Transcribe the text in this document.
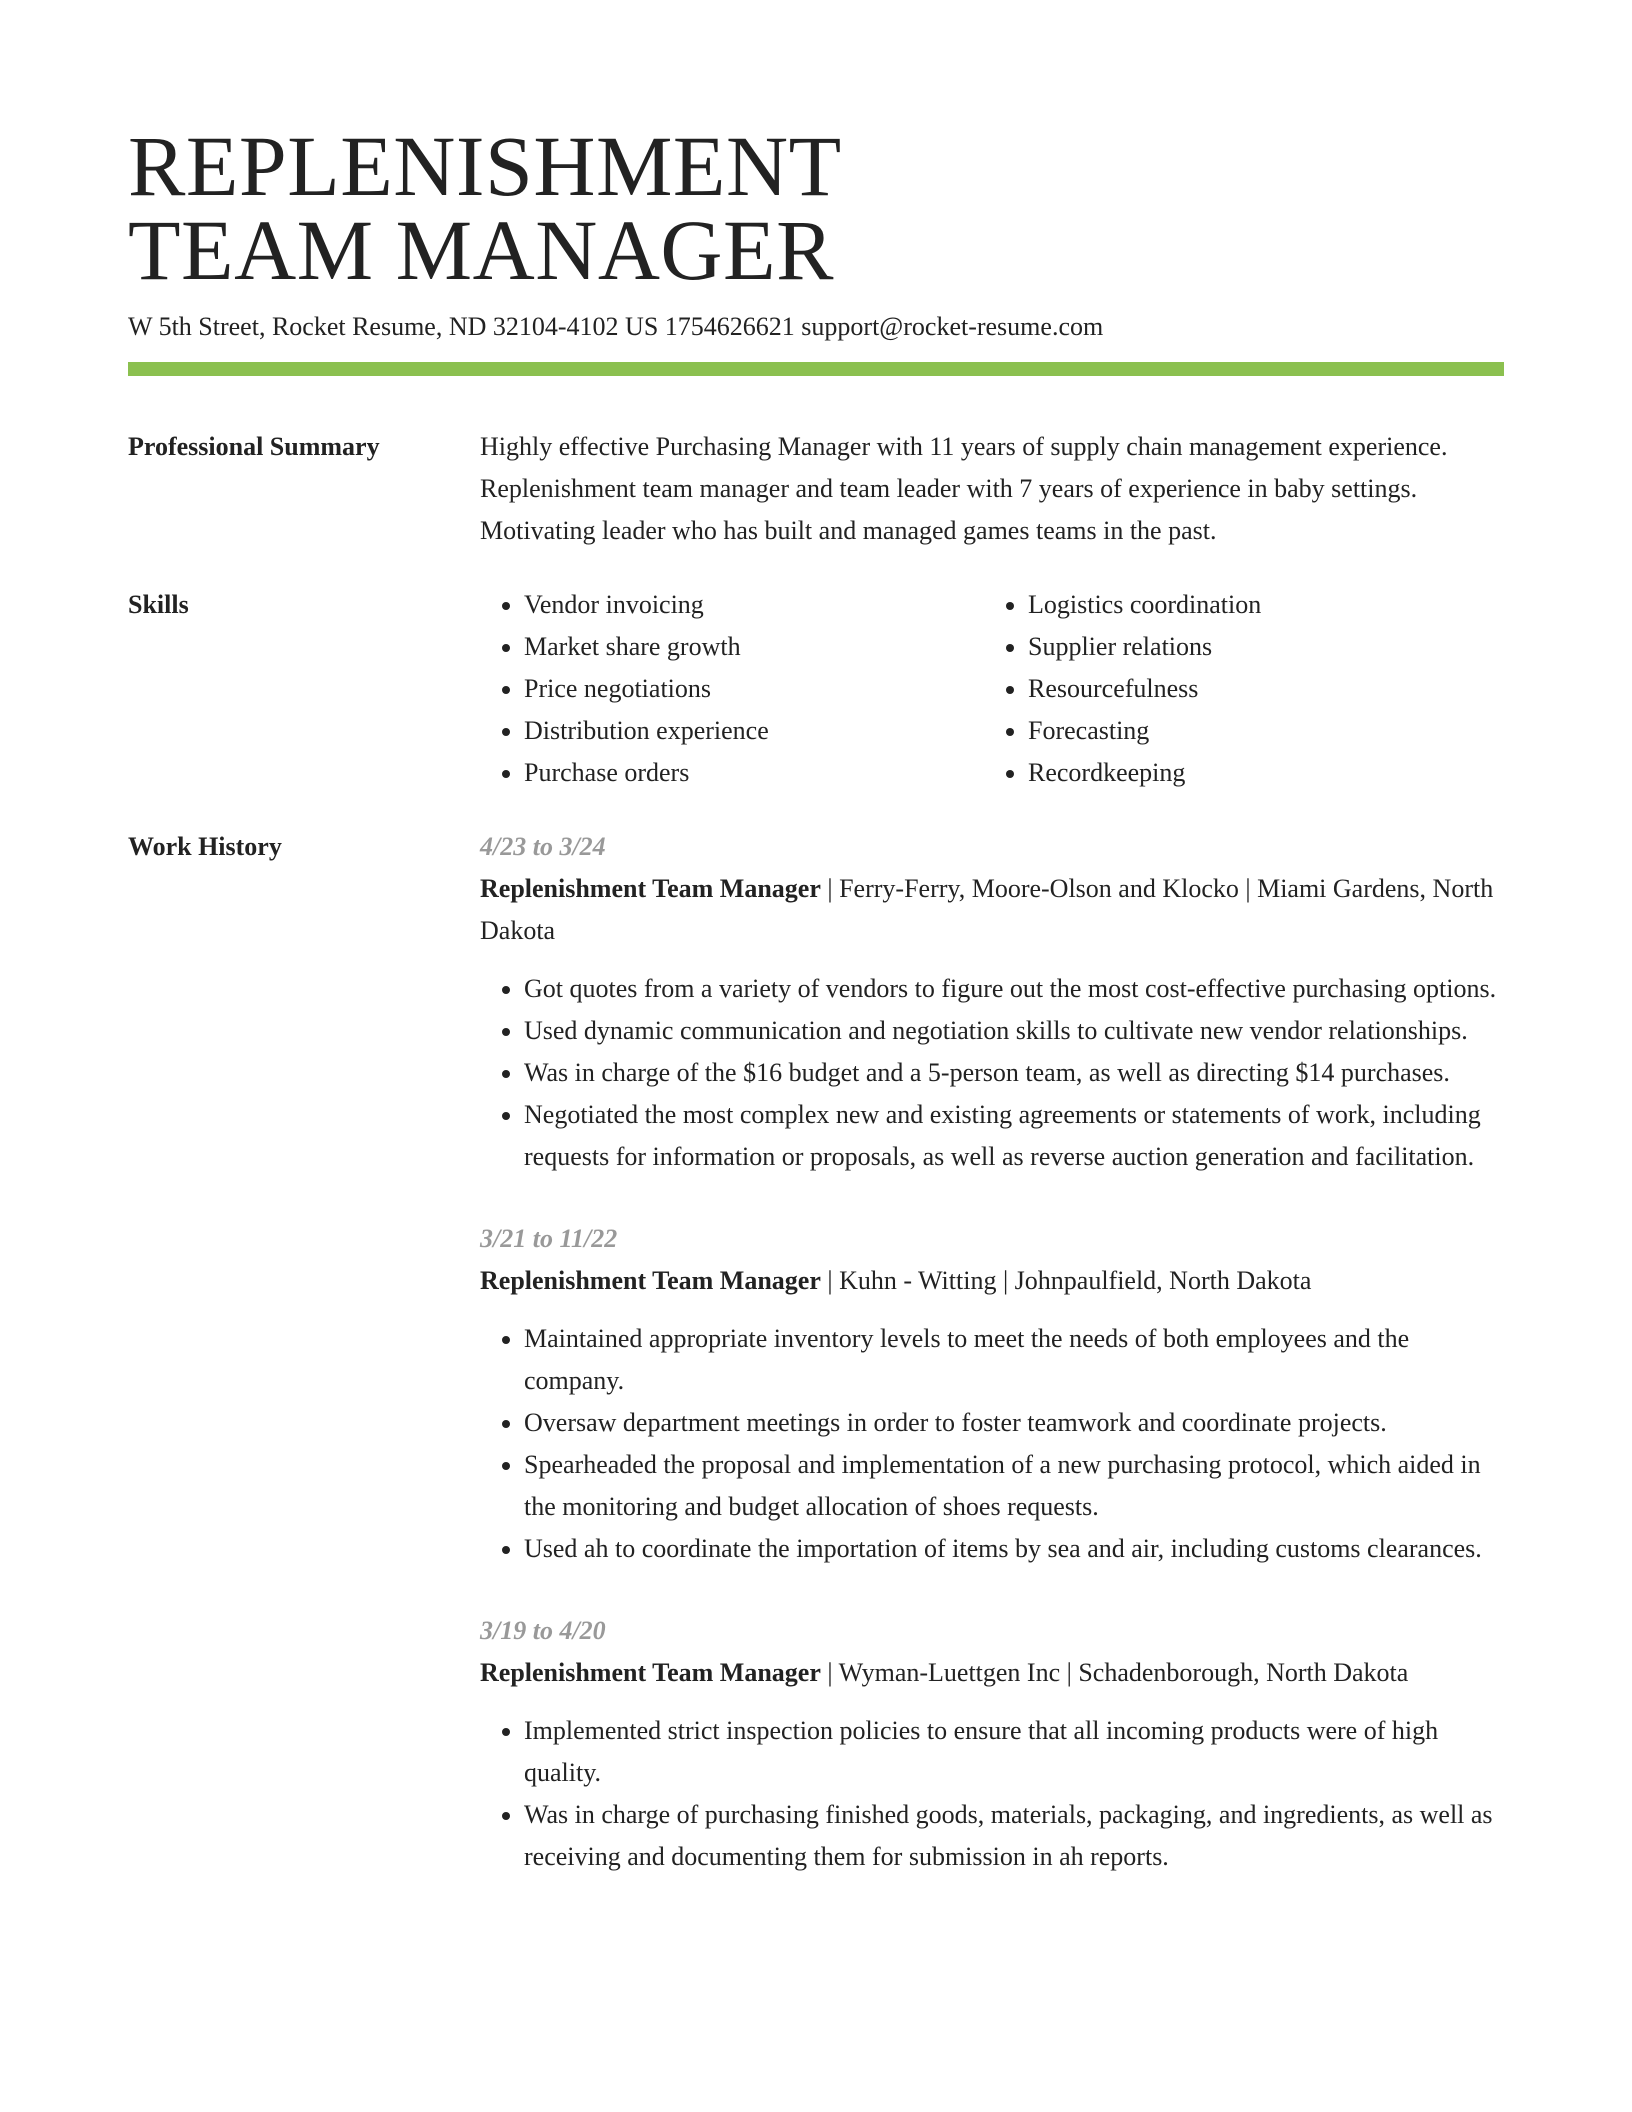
REPLENISHMENT
TEAM MANAGER
W 5th Street, Rocket Resume, ND 32104-4102 US 1754626621 support@rocket-resume.com
Professional Summary	Highly effective Purchasing Manager with 11 years of supply chain management experience. Replenishment team manager and team leader with 7 years of experience in baby settings. Motivating leader who has built and managed games teams in the past.
Skills
•	Vendor invoicing
• Market share growth
• Price negotiations
• Distribution experience
• Purchase orders
• Logistics coordination
• Supplier relations
• Resourcefulness
• Forecasting
• Recordkeeping
Work History	4/23 to 3/24
Replenishment Team Manager | Ferry-Ferry, Moore-Olson and Klocko | Miami Gardens, North Dakota
• Got quotes from a variety of vendors to figure out the most cost-effective purchasing options.
• Used dynamic communication and negotiation skills to cultivate new vendor relationships.
• Was in charge of the $16 budget and a 5-person team, as well as directing $14 purchases.
• Negotiated the most complex new and existing agreements or statements of work, including requests for information or proposals, as well as reverse auction generation and facilitation.
3/21 to 11/22
Replenishment Team Manager | Kuhn - Witting | Johnpaulfield, North Dakota
• Maintained appropriate inventory levels to meet the needs of both employees and the company.
• Oversaw department meetings in order to foster teamwork and coordinate projects.
• Spearheaded the proposal and implementation of a new purchasing protocol, which aided in the monitoring and budget allocation of shoes requests.
• Used ah to coordinate the importation of items by sea and air, including customs clearances.
3/19 to 4/20
Replenishment Team Manager | Wyman-Luettgen Inc | Schadenborough, North Dakota
• Implemented strict inspection policies to ensure that all incoming products were of high quality.
• Was in charge of purchasing finished goods, materials, packaging, and ingredients, as well as receiving and documenting them for submission in ah reports.
